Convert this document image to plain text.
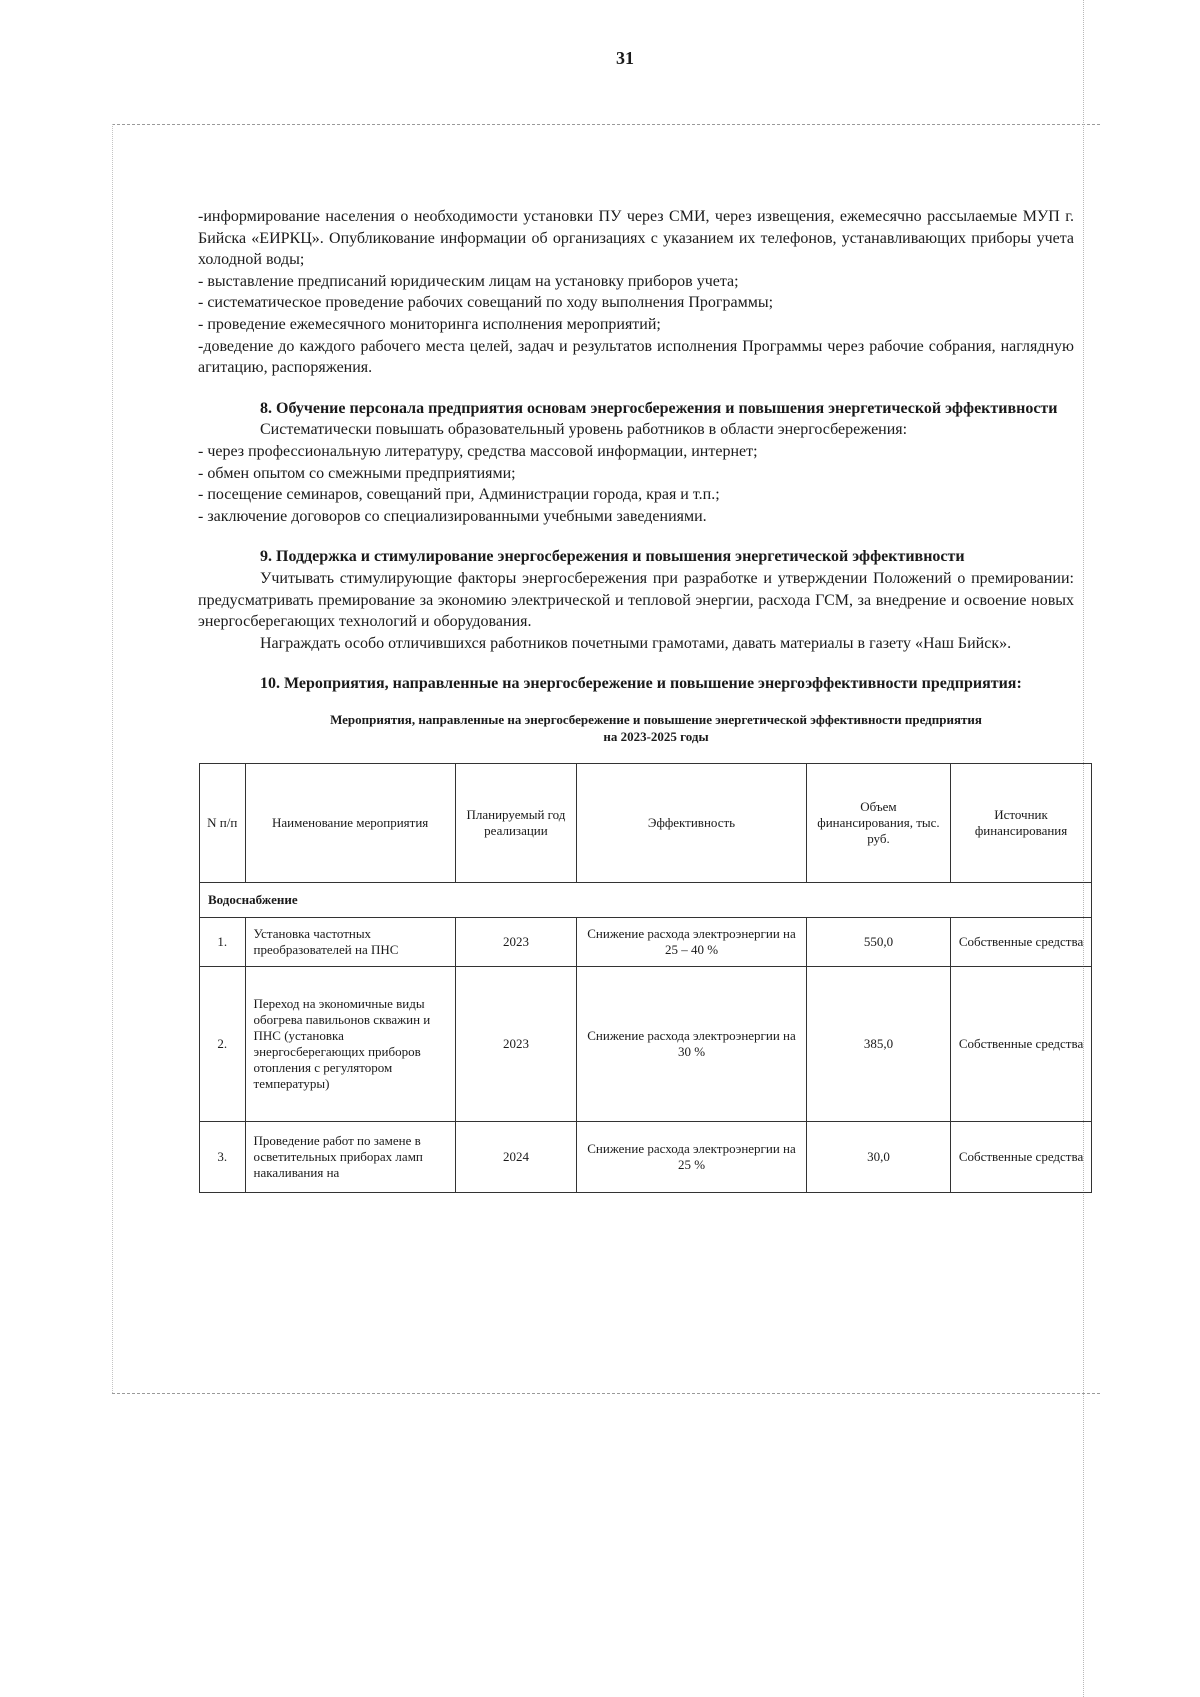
31

-информирование населения о необходимости установки ПУ через СМИ, через извещения, ежемесячно рассылаемые МУП г. Бийска «ЕИРКЦ». Опубликование информации об организациях с указанием их телефонов, устанавливающих приборы учета холодной воды;

- выставление предписаний юридическим лицам на установку приборов учета;

- систематическое проведение рабочих совещаний по ходу выполнения Программы;

- проведение ежемесячного мониторинга исполнения мероприятий;

-доведение до каждого рабочего места целей, задач и результатов исполнения Программы через рабочие собрания, наглядную агитацию, распоряжения.

8. Обучение персонала предприятия основам энергосбережения и повышения энергетической эффективности

Систематически повышать образовательный уровень работников в области энергосбережения:

- через профессиональную литературу, средства массовой информации, интернет;

- обмен опытом со смежными предприятиями;

- посещение семинаров, совещаний при, Администрации города, края и т.п.;

- заключение договоров со специализированными учебными заведениями.

9. Поддержка и стимулирование энергосбережения и повышения энергетической эффективности

Учитывать стимулирующие факторы энергосбережения при разработке и утверждении Положений о премировании: предусматривать премирование за экономию электрической и тепловой энергии, расхода ГСМ, за внедрение и освоение новых энергосберегающих технологий и оборудования.

Награждать особо отличившихся работников почетными грамотами, давать материалы в газету «Наш Бийск».

10. Мероприятия, направленные на энергосбережение и повышение энергоэффективности предприятия:

Мероприятия, направленные на энергосбережение и повышение энергетической эффективности предприятия
на 2023-2025 годы
N п/п	Наименование мероприятия	Планируемый год реализации	Эффективность	Объем финансирования, тыс. руб.	Источник финансирования
Водоснабжение					
1.	Установка частотных преобразователей на ПНС	2023	Снижение расхода электроэнергии на 25 – 40 %	550,0	Собственные средства
2.	Переход на экономичные виды обогрева павильонов скважин и ПНС (установка энергосберегающих приборов отопления с регулятором температуры)	2023	Снижение расхода электроэнергии на 30 %	385,0	Собственные средства
3.	Проведение работ по замене в осветительных приборах ламп накаливания на	2024	Снижение расхода электроэнергии на 25 %	30,0	Собственные средства
